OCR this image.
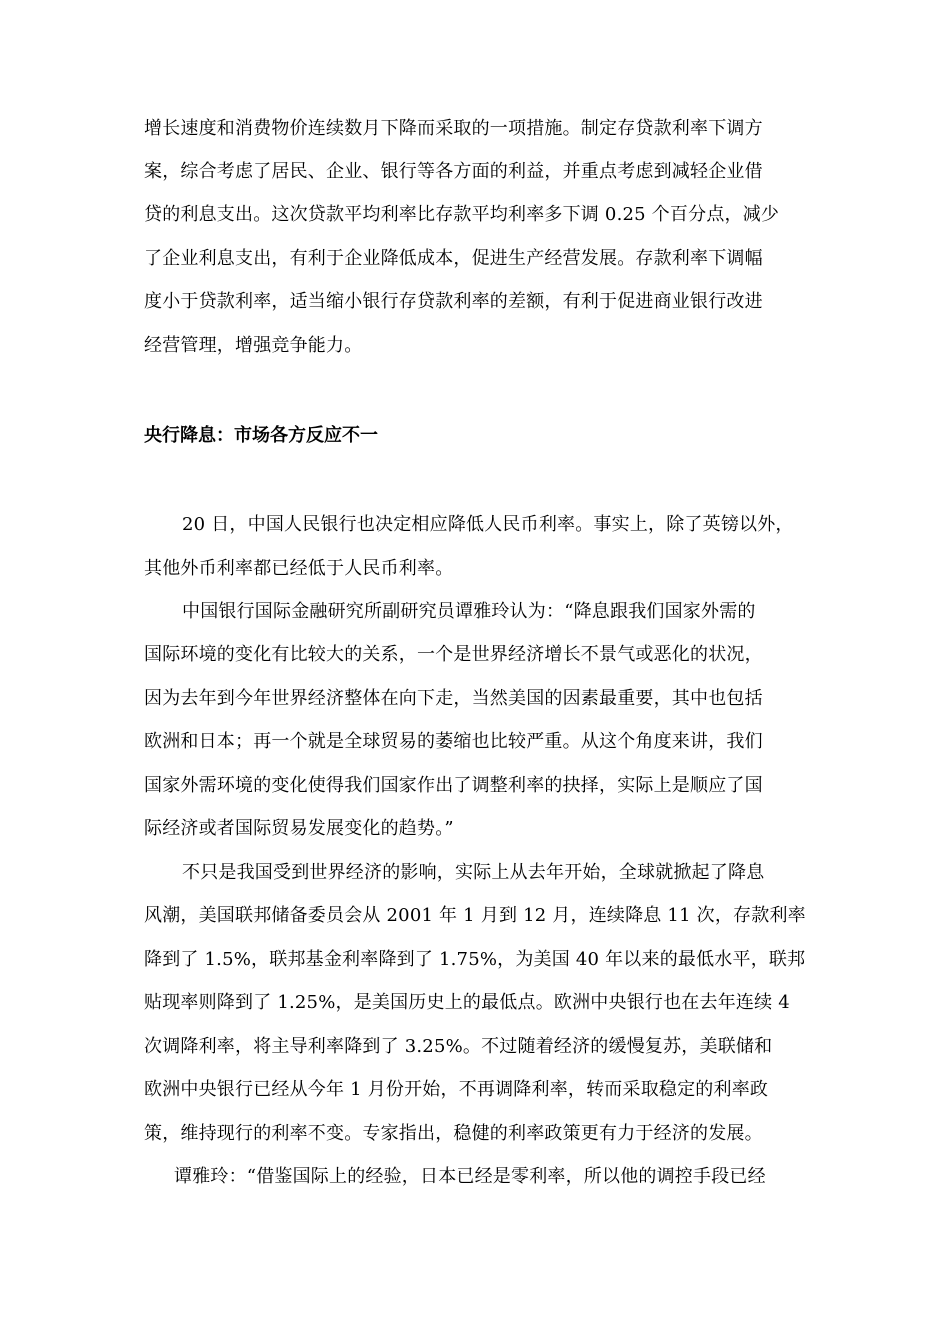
增长速度和消费物价连续数月下降而采取的一项措施。制定存贷款利率下调方
案，综合考虑了居民、企业、银行等各方面的利益，并重点考虑到减轻企业借
贷的利息支出。这次贷款平均利率比存款平均利率多下调 0.25 个百分点，减少
了企业利息支出，有利于企业降低成本，促进生产经营发展。存款利率下调幅
度小于贷款利率，适当缩小银行存贷款利率的差额，有利于促进商业银行改进
经营管理，增强竞争能力。
央行降息：市场各方反应不一
20 日，中国人民银行也决定相应降低人民币利率。事实上，除了英镑以外，
其他外币利率都已经低于人民币利率。
中国银行国际金融研究所副研究员谭雅玲认为：“降息跟我们国家外需的
国际环境的变化有比较大的关系，一个是世界经济增长不景气或恶化的状况，
因为去年到今年世界经济整体在向下走，当然美国的因素最重要，其中也包括
欧洲和日本；再一个就是全球贸易的萎缩也比较严重。从这个角度来讲，我们
国家外需环境的变化使得我们国家作出了调整利率的抉择，实际上是顺应了国
际经济或者国际贸易发展变化的趋势。”
不只是我国受到世界经济的影响，实际上从去年开始，全球就掀起了降息
风潮，美国联邦储备委员会从 2001 年 1 月到 12 月，连续降息 11 次，存款利率
降到了 1.5%，联邦基金利率降到了 1.75%，为美国 40 年以来的最低水平，联邦
贴现率则降到了 1.25%，是美国历史上的最低点。欧洲中央银行也在去年连续 4
次调降利率，将主导利率降到了 3.25%。不过随着经济的缓慢复苏，美联储和
欧洲中央银行已经从今年 1 月份开始，不再调降利率，转而采取稳定的利率政
策，维持现行的利率不变。专家指出，稳健的利率政策更有力于经济的发展。
谭雅玲：“借鉴国际上的经验，日本已经是零利率，所以他的调控手段已经
